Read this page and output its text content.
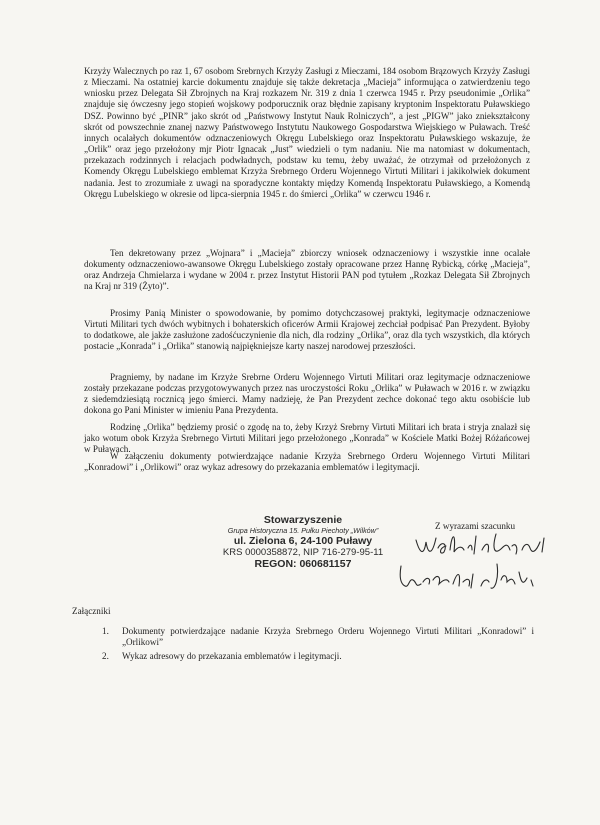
Krzyży Walecznych po raz 1, 67 osobom Srebrnych Krzyży Zasługi z Mieczami, 184 osobom Brązowych Krzyży Zasługi z Mieczami. Na ostatniej karcie dokumentu znajduje się także dekretacja „Macieja” informująca o zatwierdzeniu tego wniosku przez Delegata Sił Zbrojnych na Kraj rozkazem Nr. 319 z dnia 1 czerwca 1945 r. Przy pseudonimie „Orlika” znajduje się ówczesny jego stopień wojskowy podporucznik oraz błędnie zapisany kryptonim Inspektoratu Puławskiego DSZ. Powinno być „PINR” jako skrót od „Państwowy Instytut Nauk Rolniczych”, a jest „PIGW” jako zniekształcony skrót od powszechnie znanej nazwy Państwowego Instytutu Naukowego Gospodarstwa Wiejskiego w Puławach. Treść innych ocalałych dokumentów odznaczeniowych Okręgu Lubelskiego oraz Inspektoratu Puławskiego wskazuje, że „Orlik” oraz jego przełożony mjr Piotr Ignacak „Just” wiedzieli o tym nadaniu. Nie ma natomiast w dokumentach, przekazach rodzinnych i relacjach podwładnych, podstaw ku temu, żeby uważać, że otrzymał od przełożonych z Komendy Okręgu Lubelskiego emblemat Krzyża Srebrnego Orderu Wojennego Virtuti Militari i jakikolwiek dokument nadania. Jest to zrozumiałe z uwagi na sporadyczne kontakty między Komendą Inspektoratu Puławskiego, a Komendą Okręgu Lubelskiego w okresie od lipca-sierpnia 1945 r. do śmierci „Orlika” w czerwcu 1946 r.

Ten dekretowany przez „Wojnara” i „Macieja” zbiorczy wniosek odznaczeniowy i wszystkie inne ocalałe dokumenty odznaczeniowo-awansowe Okręgu Lubelskiego zostały opracowane przez Hannę Rybicką, córkę „Macieja”, oraz Andrzeja Chmielarza i wydane w 2004 r. przez Instytut Historii PAN pod tytułem „Rozkaz Delegata Sił Zbrojnych na Kraj nr 319 (Żyto)”.

Prosimy Panią Minister o spowodowanie, by pomimo dotychczasowej praktyki, legitymacje odznaczeniowe Virtuti Militari tych dwóch wybitnych i bohaterskich oficerów Armii Krajowej zechciał podpisać Pan Prezydent. Byłoby to dodatkowe, ale jakże zasłużone zadośćuczynienie dla nich, dla rodziny „Orlika”, oraz dla tych wszystkich, dla których postacie „Konrada” i „Orlika” stanowią najpiękniejsze karty naszej narodowej przeszłości.

Pragniemy, by nadane im Krzyże Srebrne Orderu Wojennego Virtuti Militari oraz legitymacje odznaczeniowe zostały przekazane podczas przygotowywanych przez nas uroczystości Roku „Orlika” w Puławach w 2016 r. w związku z siedemdziesiątą rocznicą jego śmierci. Mamy nadzieję, że Pan Prezydent zechce dokonać tego aktu osobiście lub dokona go Pani Minister w imieniu Pana Prezydenta.

Rodzinę „Orlika” będziemy prosić o zgodę na to, żeby Krzyż Srebrny Virtuti Militari ich brata i stryja znalazł się jako wotum obok Krzyża Srebrnego Virtuti Militari jego przełożonego „Konrada” w Kościele Matki Bożej Różańcowej w Puławach.

W załączeniu dokumenty potwierdzające nadanie Krzyża Srebrnego Orderu Wojennego Virtuti Militari „Konradowi” i „Orlikowi” oraz wykaz adresowy do przekazania emblematów i legitymacji.

Stowarzyszenie
Grupa Historyczna 15. Pułku Piechoty „Wilków”
ul. Zielona 6, 24-100 Puławy
KRS 0000358872, NIP 716-279-95-11
REGON: 060681157
Z wyrazami szacunku
Załączniki
1.	Dokumenty potwierdzające nadanie Krzyża Srebrnego Orderu Wojennego Virtuti Militari „Konradowi” i „Orlikowi”
2.	Wykaz adresowy do przekazania emblematów i legitymacji.
